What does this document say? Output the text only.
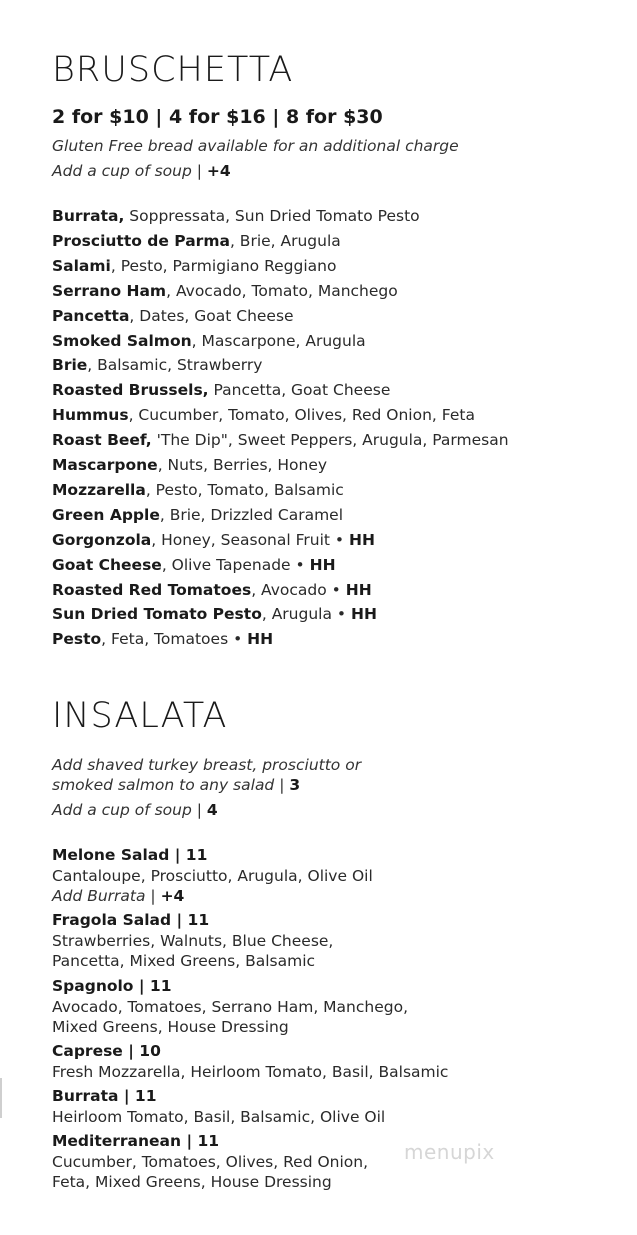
BRUSCHETTA
2 for $10 | 4 for $16 | 8 for $30
Gluten Free bread available for an additional charge
Add a cup of soup | +4
Burrata, Soppressata, Sun Dried Tomato Pesto
Prosciutto de Parma, Brie, Arugula
Salami, Pesto, Parmigiano Reggiano
Serrano Ham, Avocado, Tomato, Manchego
Pancetta, Dates, Goat Cheese
Smoked Salmon, Mascarpone, Arugula
Brie, Balsamic, Strawberry
Roasted Brussels, Pancetta, Goat Cheese
Hummus, Cucumber, Tomato, Olives, Red Onion, Feta
Roast Beef, 'The Dip", Sweet Peppers, Arugula, Parmesan
Mascarpone, Nuts, Berries, Honey
Mozzarella, Pesto, Tomato, Balsamic
Green Apple, Brie, Drizzled Caramel
Gorgonzola, Honey, Seasonal Fruit • HH
Goat Cheese, Olive Tapenade • HH
Roasted Red Tomatoes, Avocado • HH
Sun Dried Tomato Pesto, Arugula • HH
Pesto, Feta, Tomatoes • HH
INSALATA
Add shaved turkey breast, prosciutto or
smoked salmon to any salad | 3
Add a cup of soup | 4
Melone Salad | 11
Cantaloupe, Prosciutto, Arugula, Olive Oil
Add Burrata | +4
Fragola Salad | 11
Strawberries, Walnuts, Blue Cheese,
Pancetta, Mixed Greens, Balsamic
Spagnolo | 11
Avocado, Tomatoes, Serrano Ham, Manchego,
Mixed Greens, House Dressing
Caprese | 10
Fresh Mozzarella, Heirloom Tomato, Basil, Balsamic
Burrata | 11
Heirloom Tomato, Basil, Balsamic, Olive Oil
Mediterranean | 11
Cucumber, Tomatoes, Olives, Red Onion,
Feta, Mixed Greens, House Dressing
menupix
